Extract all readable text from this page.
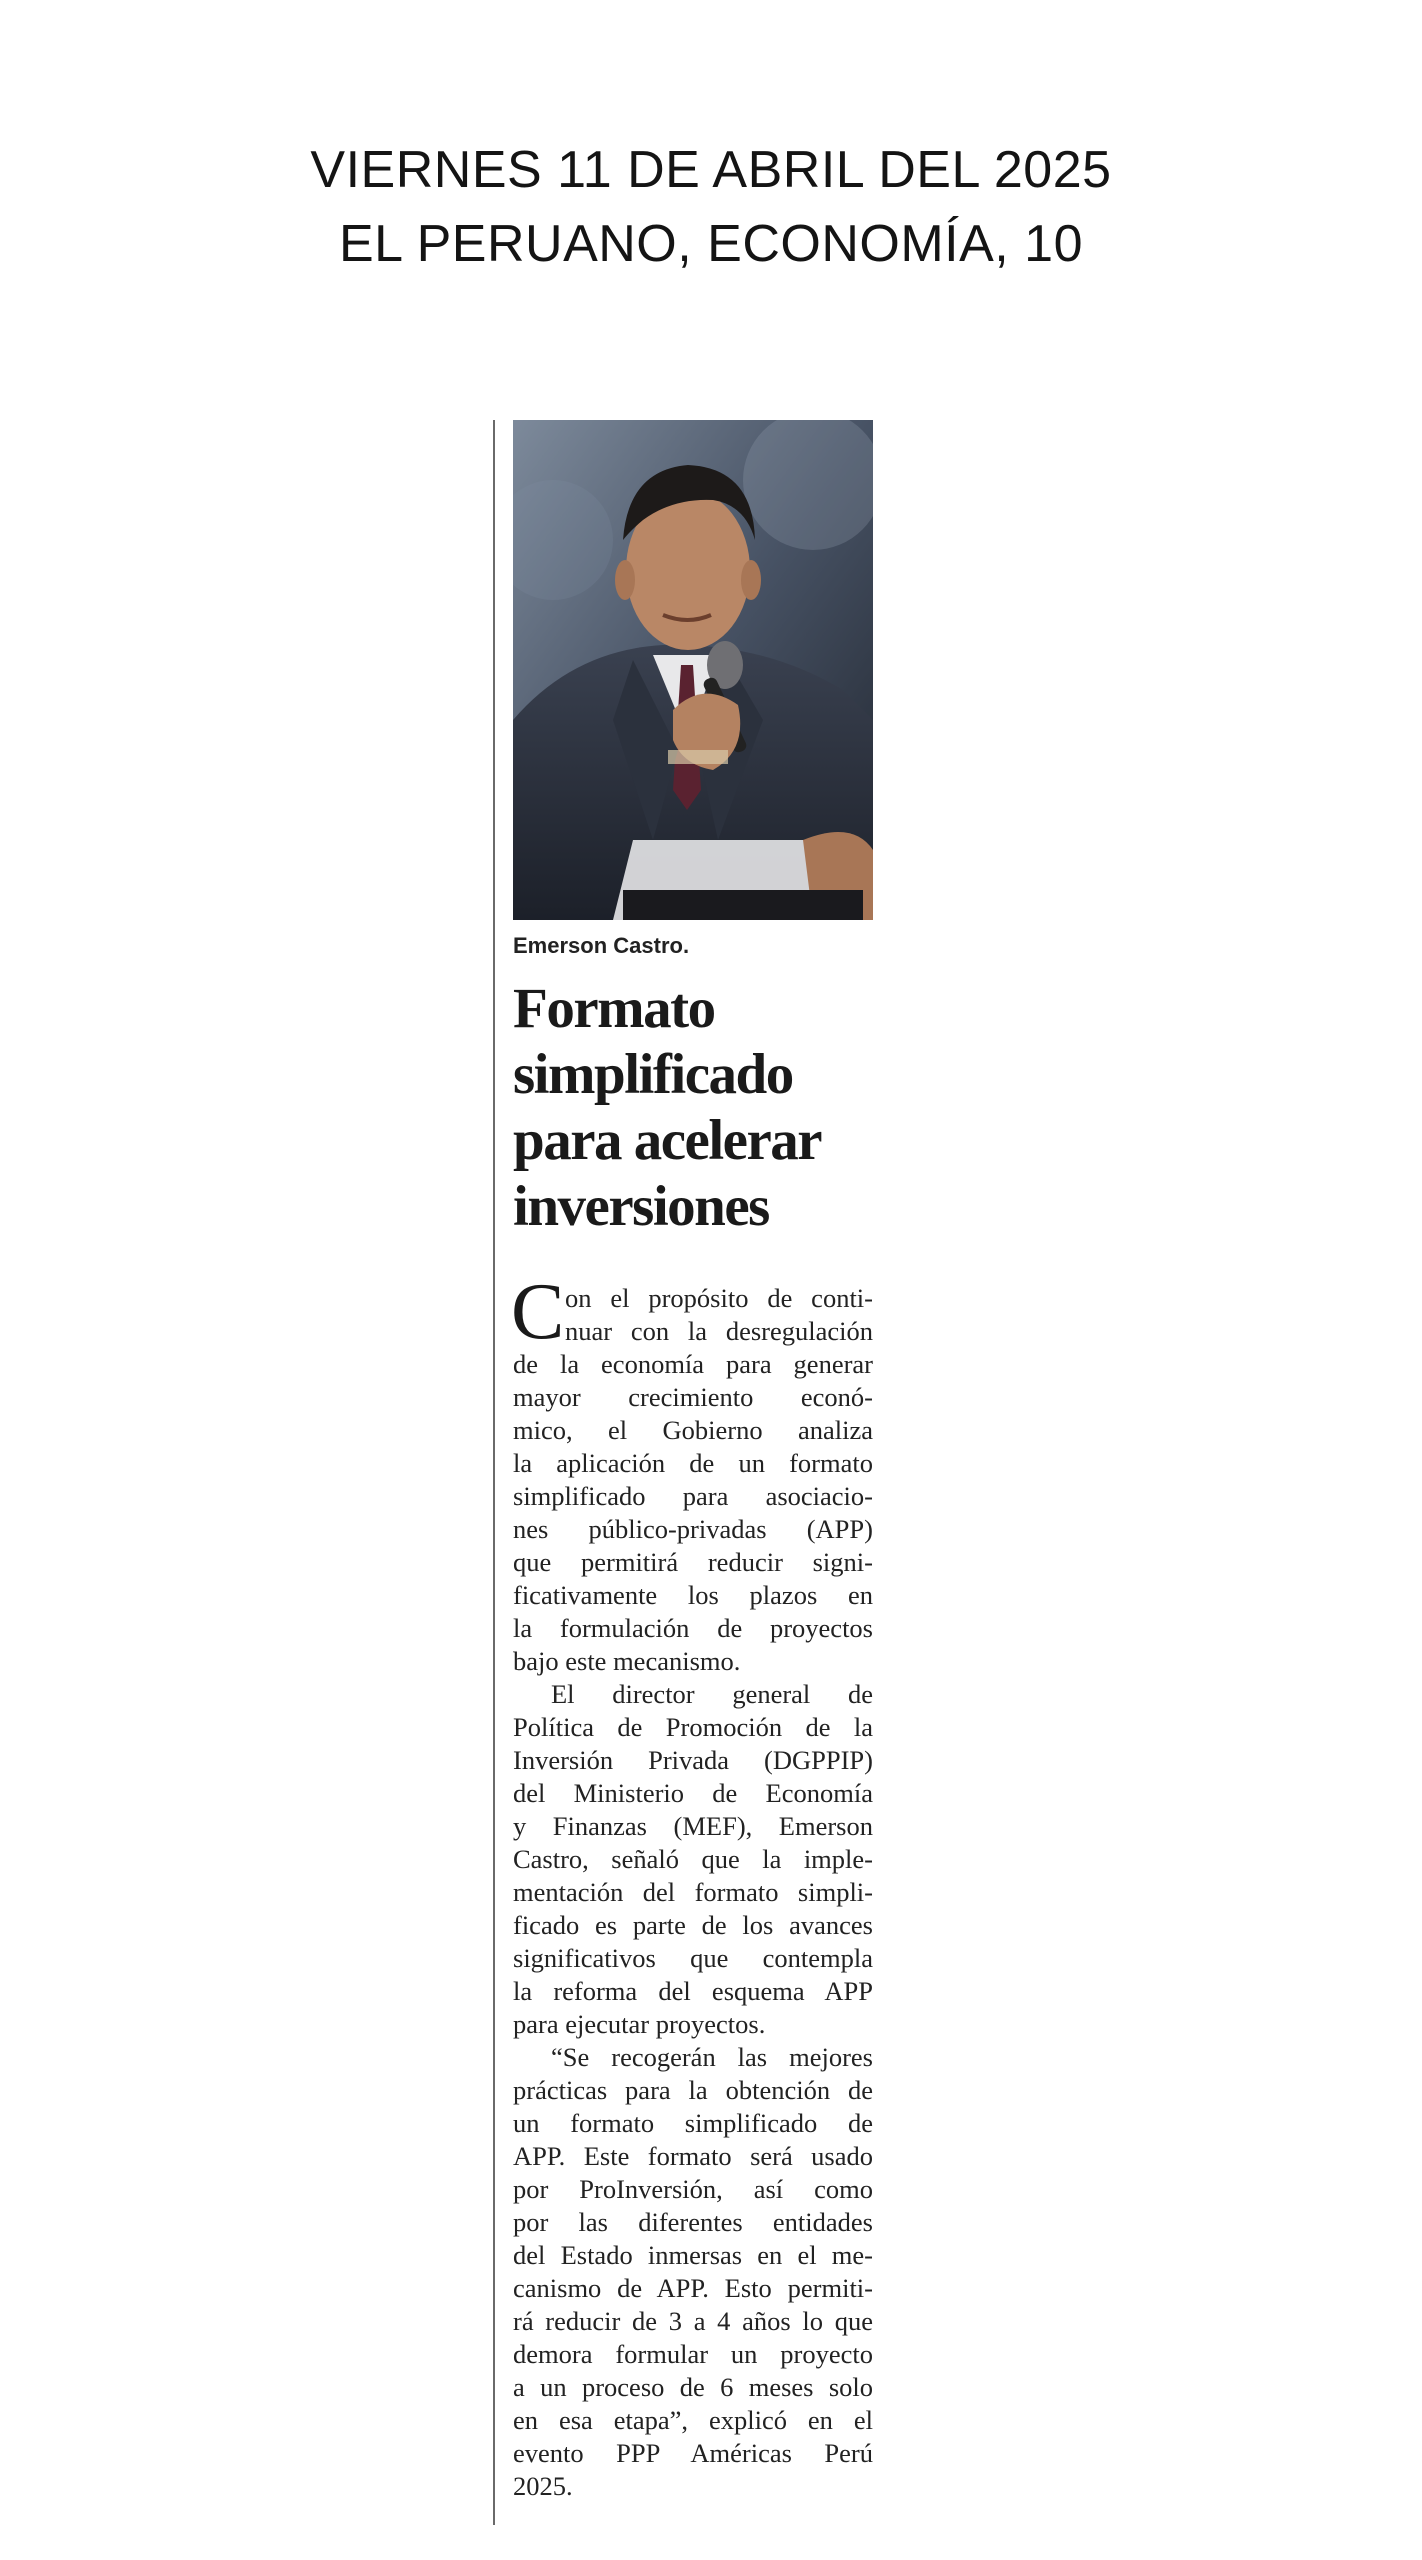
VIERNES 11 DE ABRIL DEL 2025
EL PERUANO, ECONOMÍA, 10
Emerson Castro.
Formato
simplificado
para acelerar
inversiones
C on el propósito de conti-
nuar con la desregulación
de la economía para generar
mayor crecimiento econó-
mico, el Gobierno analiza
la aplicación de un formato
simplificado para asociacio-
nes público-privadas (APP)
que permitirá reducir signi-
ficativamente los plazos en
la formulación de proyectos
bajo este mecanismo.
El director general de
Política de Promoción de la
Inversión Privada (DGPPIP)
del Ministerio de Economía
y Finanzas (MEF), Emerson
Castro, señaló que la imple-
mentación del formato simpli-
ficado es parte de los avances
significativos que contempla
la reforma del esquema APP
para ejecutar proyectos.
“Se recogerán las mejores
prácticas para la obtención de
un formato simplificado de
APP. Este formato será usado
por ProInversión, así como
por las diferentes entidades
del Estado inmersas en el me-
canismo de APP. Esto permiti-
rá reducir de 3 a 4 años lo que
demora formular un proyecto
a un proceso de 6 meses solo
en esa etapa”, explicó en el
evento PPP Américas Perú
2025.
